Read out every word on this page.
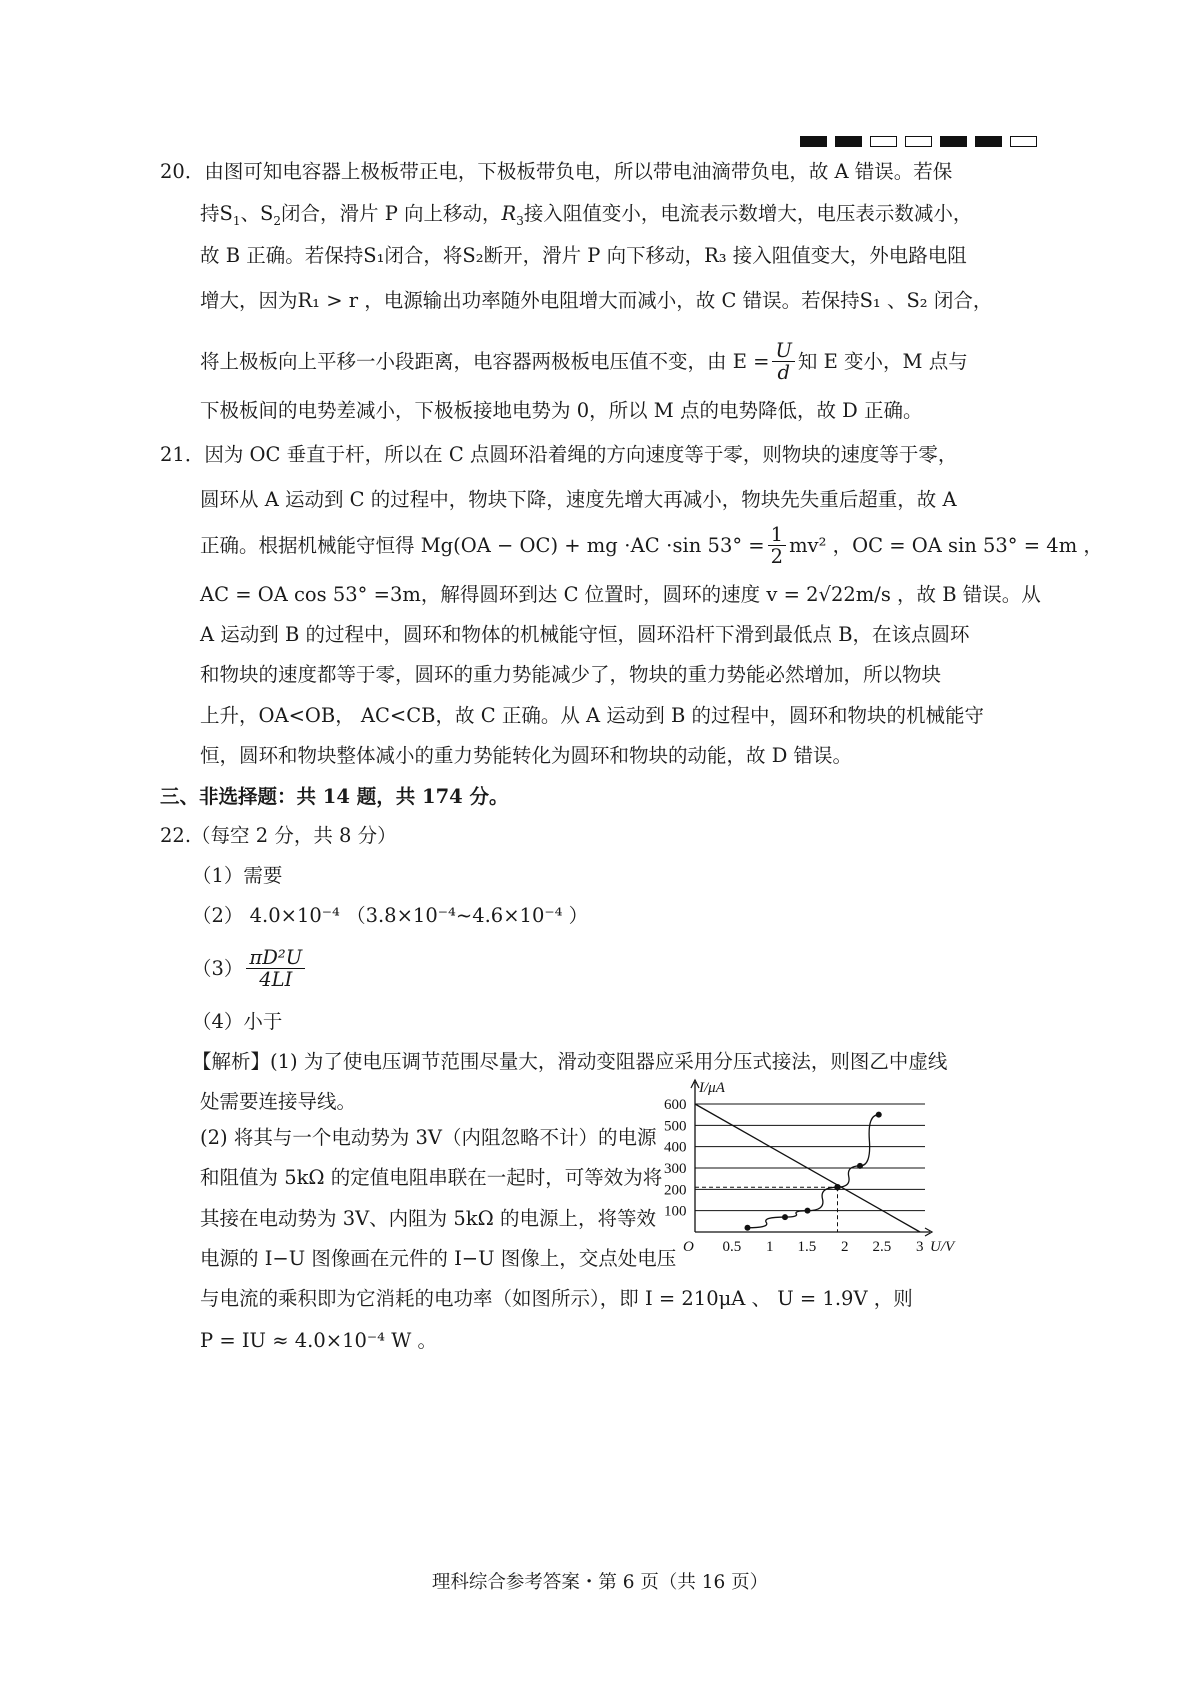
20．由图可知电容器上极板带正电，下极板带负电，所以带电油滴带负电，故 A 错误。若保
持$S_1$、$S_2$闭合，滑片 P 向上移动，$R_3$接入阻值变小，电流表示数增大，电压表示数减小，
故 B 正确。若保持S₁闭合，将S₂断开，滑片 P 向下移动，R₃ 接入阻值变大，外电路电阻
增大，因为R₁ > r ，电源输出功率随外电阻增大而减小，故 C 错误。若保持S₁ 、S₂ 闭合，
将上极板向上平移一小段距离，电容器两极板电压值不变，由 $E = \frac{U}{d}$ 知 E 变小，M 点与
下极板间的电势差减小，下极板接地电势为 0，所以 M 点的电势降低，故 D 正确。
21．因为 OC 垂直于杆，所以在 C 点圆环沿着绳的方向速度等于零，则物块的速度等于零，
圆环从 A 运动到 C 的过程中，物块下降，速度先增大再减小，物块先失重后超重，故 A
正确。根据机械能守恒得 Mg(OA − OC) + mg ⋅AC ⋅sin $53^\circ = \frac{1}{2} mv^2$ ，OC = OA sin 53° = 4m ，
AC = OA cos 53° =3m，解得圆环到达 C 位置时，圆环的速度 v = 2√22m/s ，故 B 错误。从
A 运动到 B 的过程中，圆环和物体的机械能守恒，圆环沿杆下滑到最低点 B，在该点圆环
和物块的速度都等于零，圆环的重力势能减少了，物块的重力势能必然增加，所以物块
上升，OA<OB， AC<CB，故 C 正确。从 A 运动到 B 的过程中，圆环和物块的机械能守
恒，圆环和物块整体减小的重力势能转化为圆环和物块的动能，故 D 错误。
三、非选择题：共 14 题，共 174 分。
22.（每空 2 分，共 8 分）
（1）需要
（2） 4.0×10⁻⁴ （3.8×10⁻⁴~4.6×10⁻⁴ ）
$(3) \frac{\text{πD²U}}{4LI}$
（4）小于
【解析】(1) 为了使电压调节范围尽量大，滑动变阻器应采用分压式接法，则图乙中虚线
处需要连接导线。
(2) 将其与一个电动势为 3V（内阻忽略不计）的电源
和阻值为 5kΩ 的定值电阻串联在一起时，可等效为将
其接在电动势为 3V、内阻为 5kΩ 的电源上，将等效
电源的 I−U 图像画在元件的 I−U 图像上，交点处电压
与电流的乘积即为它消耗的电功率（如图所示），即 I = 210μA 、 U = 1.9V ，则
P = IU ≈ 4.0×10⁻⁴ W 。
100
200
300
400
500
600
0.5 1 1.5 2 2.5 3
O	U/V
I/μA
理科综合参考答案・第 6 页（共 16 页）
